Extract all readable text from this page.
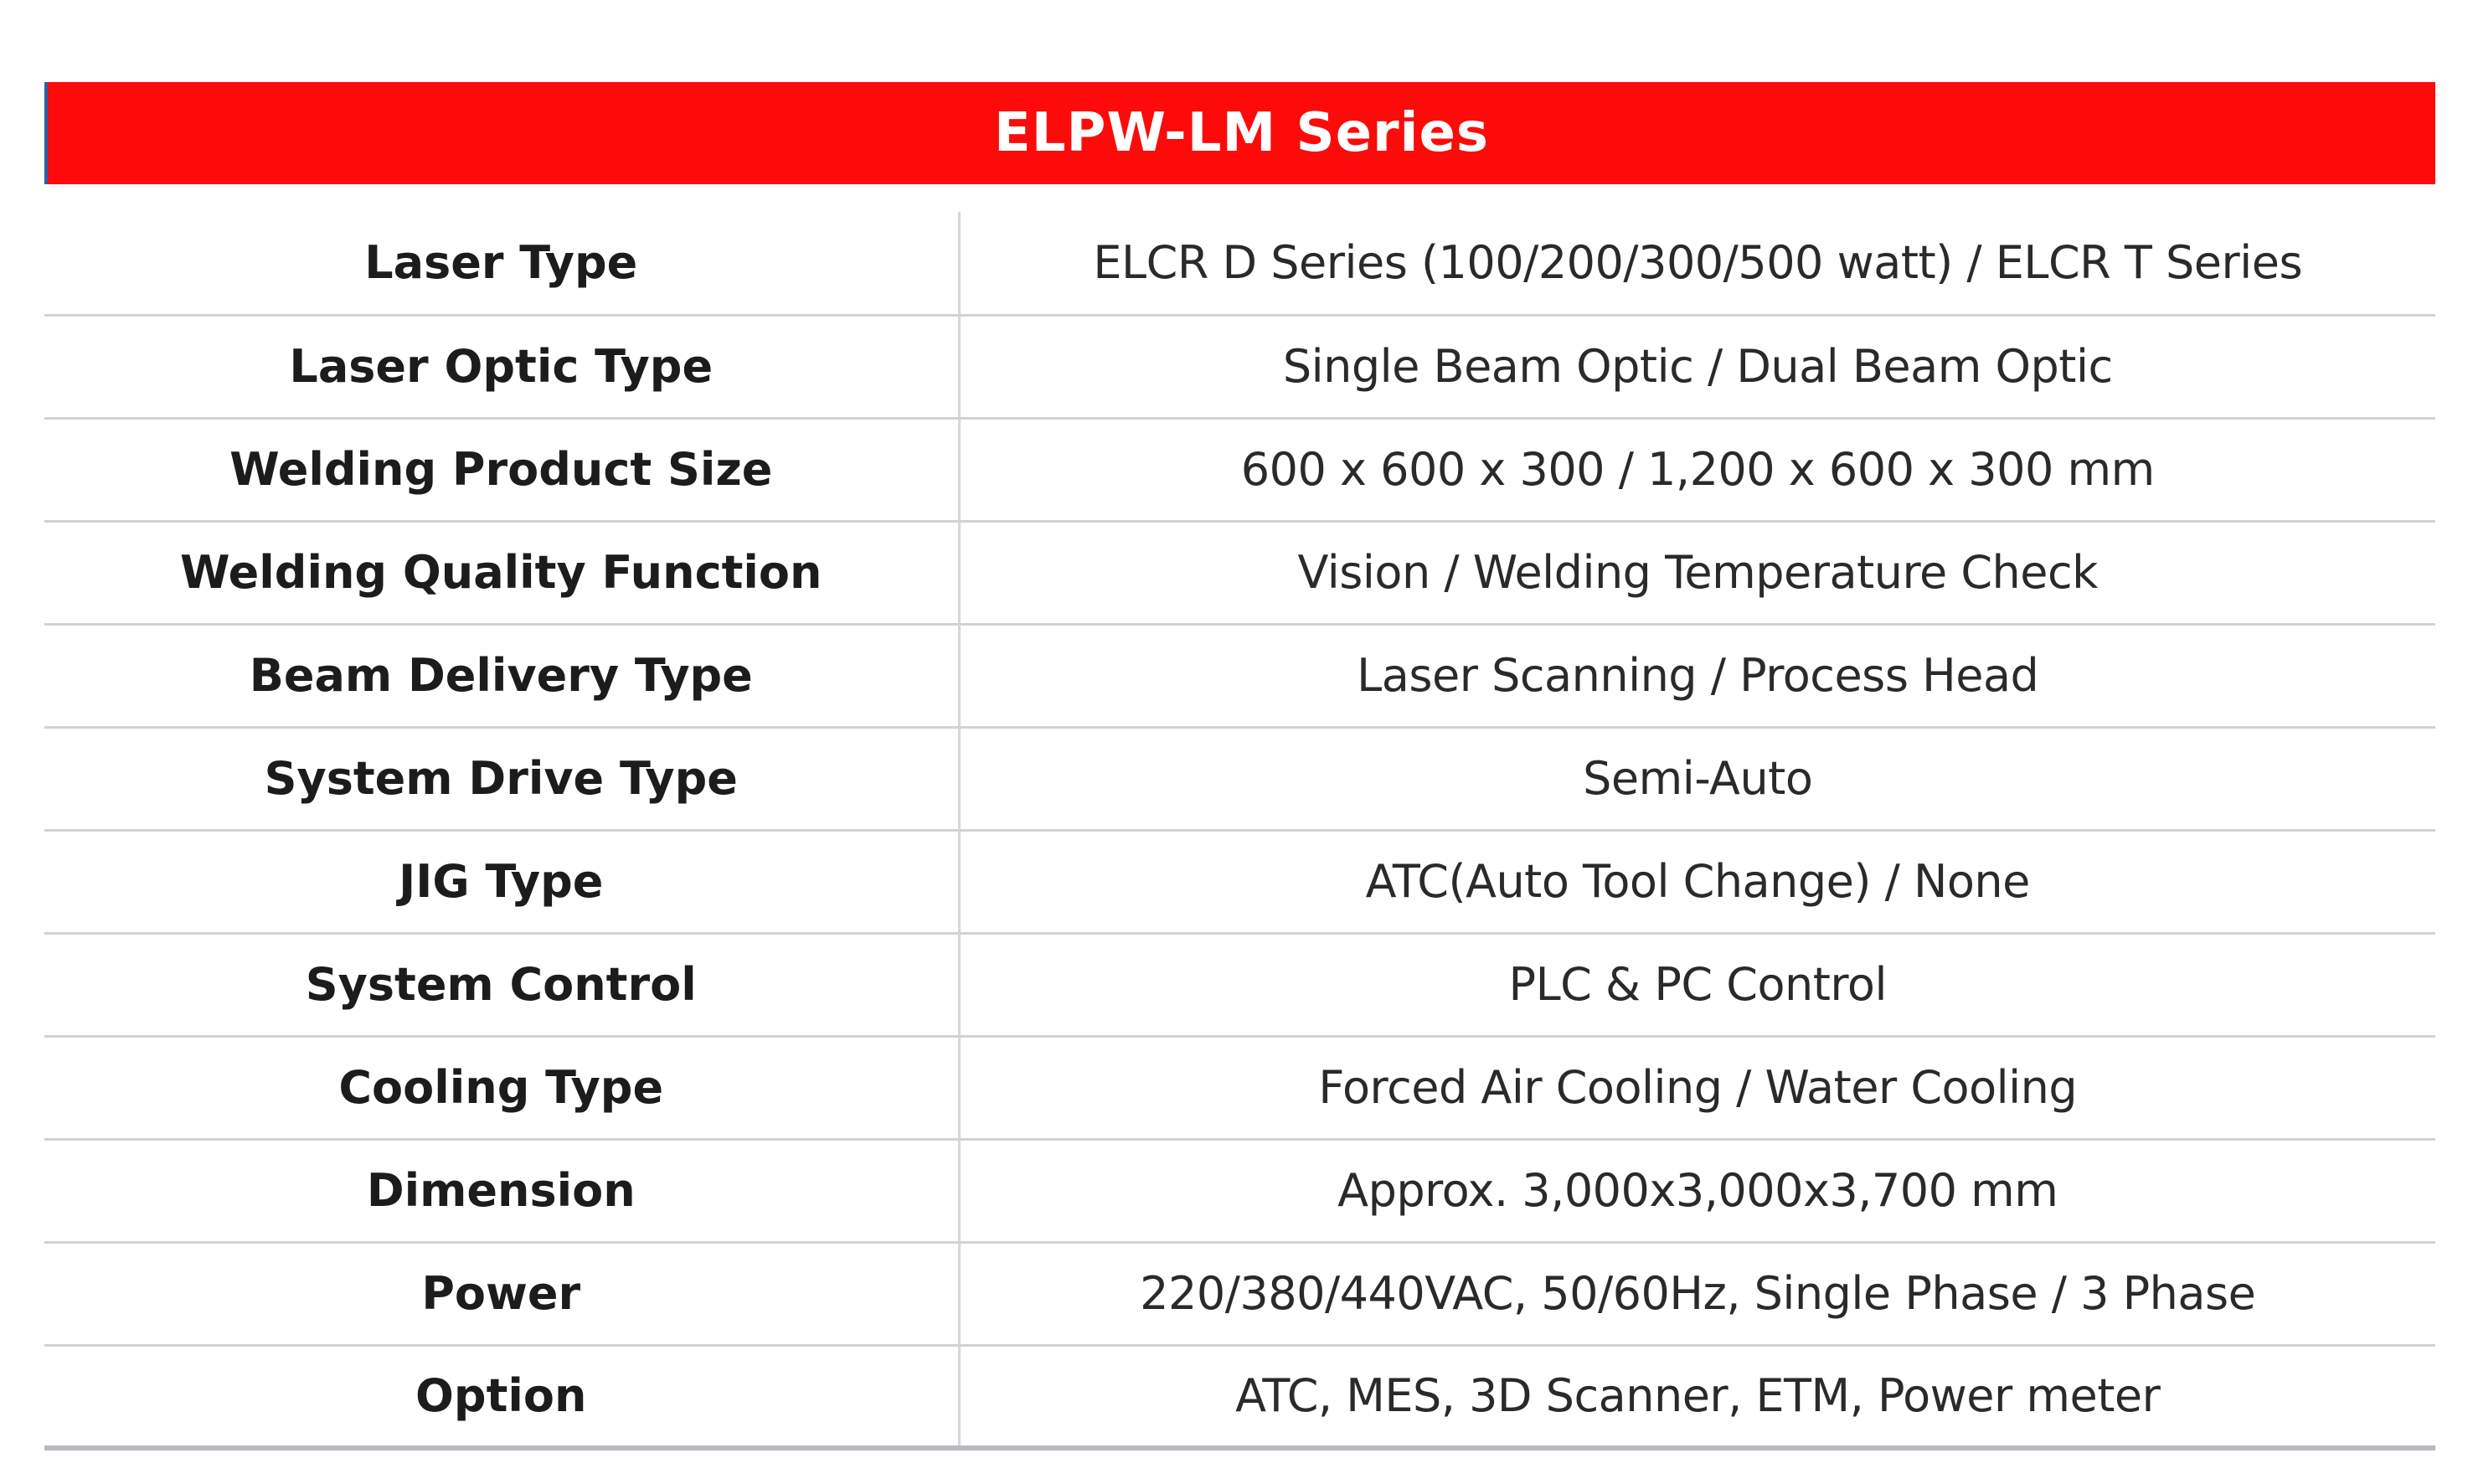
ELPW-LM Series
Laser Type	ELCR D Series (100/200/300/500 watt) / ELCR T Series
Laser Optic Type	Single Beam Optic / Dual Beam Optic
Welding Product Size	600 x 600 x 300 / 1,200 x 600 x 300 mm
Welding Quality Function	Vision / Welding Temperature Check
Beam Delivery Type	Laser Scanning / Process Head
System Drive Type	Semi-Auto
JIG Type	ATC(Auto Tool Change) / None
System Control	PLC & PC Control
Cooling Type	Forced Air Cooling / Water Cooling
Dimension	Approx. 3,000x3,000x3,700 mm
Power	220/380/440VAC, 50/60Hz, Single Phase / 3 Phase
Option	ATC, MES, 3D Scanner, ETM, Power meter
